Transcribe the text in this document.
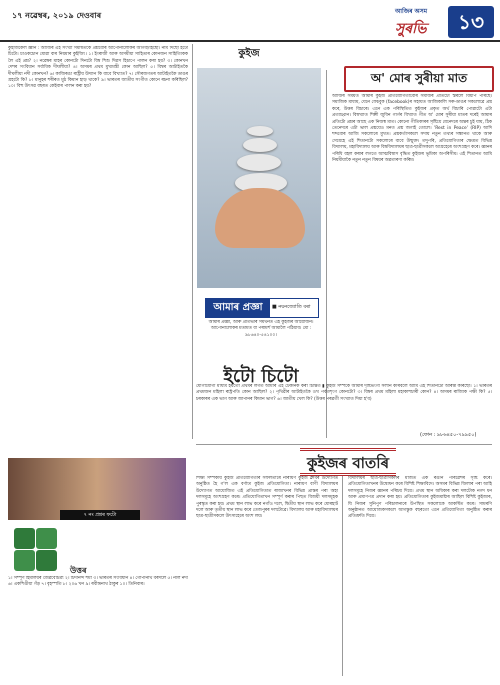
১৭ নৱেম্বৰ, ২০১৯ দেওবাৰ
কুইজ
আজিৰ অসম
সুৰভি	১৩
কুইজিকেল জ্ঞান : আজিৰ এই সংখ্যা সমন্বিতকৈ প্ৰশ্নবোৰ আপোনালোকৰ আগবঢ়াইছো। নাম দিছো ইটো চিটো। চাওকচোন যোৱা বাৰ নিয়মাৰ কুইজিং। ১। ইংৰাজী আৰু অসমীয়া সাহিত্যৰ কোনজন সাহিত্যিকক লৈ এই প্ৰশ্ন? ২। নৱেম্বৰ মাহৰ কোনটো দিনটো বিশ্ব শিশু দিৱস হিচাপে পালন কৰা হয়? ৩। কোনখন দেশৰ সংবিধান সৰ্বাধিক দীঘলীয়া? ৪। অসমৰ প্ৰথম মুখ্যমন্ত্ৰী কোন আছিল? ৫। বিশ্বৰ আটাইতকৈ দীঘলীয়া নদী কোনখন? ৬। কাজিৰঙা ৰাষ্ট্ৰীয় উদ্যান কি বাবে বিখ্যাত? ৭। সৌৰজগতৰ আটাইতকৈ ডাঙৰ গ্ৰহটো কি? ৮। মানুহৰ শৰীৰত মুঠ কিমান হাড় থাকে? ৯। ভাৰতৰ জাতীয় সংগীত কোনে ৰচনা কৰিছিল? ১০। বিহু উৎসৱ বছৰত কেইবাৰ পালন কৰা হয়?
৭ নং প্ৰশ্নৰ ফটো
উত্তৰ
১। সম্পূৰ্ণ হিমালয়ৰ জৈৱবৈচিত্ৰ্য ২। চিদানন্দ শৰ্মা ৩। ভাৰতৰ সংবিধান ৪। গোপীনাথ বৰদলৈ ৫। নীল নদী ৬। একশিঙীয়া গঁড় ৭। বৃহস্পতি ৮। ২০৬ খন ৯। ৰবীন্দ্ৰনাথ ঠাকুৰ ১০। তিনিবাৰ।
আমাৰ প্ৰজ্ঞা	■ নয়নজ্যোতি বৰা
আমাৰ প্ৰজ্ঞা, আৰু প্ৰতিভাৰ সমৰ্থনত এই কুইজৰ আয়োজন। আপোনালোকৰ মতামত বা পৰামৰ্শ আমালৈ পঠিয়াব। মো : ৯৮৬৪০-৫৪১০০।
ইটো চিটো
যোগাযোগী মাধ্যম হয়তো প্ৰথমৰ লগত আমাৰ এই টেকনিক কৰা চিন্তিত ▮ কুইজ সম্পৰ্কে আমাৰ দৃষ্টিভংগী সলনি কৰিবলৈ আমি এই শিতানটো আৰম্ভ কৰিছো। ১। ভাৰতৰ প্ৰথমজন মহিলা ৰাষ্ট্ৰপতি কোন আছিল? ২। পৃথিৱীৰ আটাইতকৈ ওখ পৰ্বতশৃংগ কোনটো? ৩। বিশ্বৰ প্ৰথম মহিলা মহাকাশচাৰী কোন? ৪। অসমৰ ৰাজ্যিক পক্ষী কি? ৫। চৰকাৰৰ এক ভাগ আৰু জাপানৰ কিমান ভাগ? ৬। জাতীয় খেল কি? (উত্তৰ পৰৱৰ্তী সংখ্যাত দিয়া হ'ব)
অ' মোৰ সুৰীয়া মাত
আজিৰ সময়ত আমাৰ কুইজ প্ৰতিযোগিতাবোৰ সমাজৰ প্ৰতিটো স্তৰলৈ বিয়পি পৰিছে। সমাজিক মাধ্যম, যেনে ফেচবুক (facebook)ৰ সহায়ত আজিকালি সৰু-ডাঙৰ সকলোৱে প্ৰশ্ন কৰে, উত্তৰ বিচাৰে। এনে এক পৰিস্থিতিত কুইজৰ প্ৰকৃত অৰ্থ বিচাৰি পোৱাটো এটা প্ৰত্যাহ্বান। বিশ্বখ্যাত শিল্পী জুবিন গাৰ্গৰ বিখ্যাত গীত অ' মোৰ সুৰীয়া মাতৰ দৰেই আমাৰ প্ৰতিটো প্ৰশ্নৰ আছে এক নিজস্ব মাত। কোনো গীতিকাৰৰ সৃষ্টিয়ে যেনেদৰে অন্তৰ চুই যায়, ঠিক তেনেদৰে এটা ভাল প্ৰশ্নয়েও মনত প্ৰশ্ন জগাই তোলে। 'Rest in Peace' (RIP) আদি শব্দবোৰ আজি সকলোৰে মুখত। প্ৰশ্নকৰ্তাসকলে সদায় নতুন তথ্যৰ সন্ধানত থাকে আৰু সেয়েহে এই শিতানটো সকলোৰে বাবে উন্মুক্ত। তদুপৰি, প্ৰতিযোগিতাৰ ক্ষেত্ৰত বিভিন্ন বিদ্যালয়, মহাবিদ্যালয় আৰু বিশ্ববিদ্যালয়ৰ ছাত্ৰ-ছাত্ৰীসকলে আগ্ৰহেৰে অংশগ্ৰহণ কৰে। জ্ঞানৰ পৰিধি বহল কৰাৰ লগতে আত্মবিশ্বাস বৃদ্ধিত কুইজৰ ভূমিকা অপৰিসীম। এই শিতানত আমি নিয়মীয়াকৈ নতুন নতুন বিষয়ৰ অৱতাৰণা কৰিম।
(ফোন : ৯৮৬৪৫০-৭৯৯৫০)
কুইজৰ বাতৰি
শিক্ষা সম্পৰ্কীয় কুইজ প্ৰতিযোগিতাৰ সফলতাৰে নাৰায়ণ কুইজ ক্লাবৰ উদ্যোগত অনুষ্ঠিত হৈ গ'ল এক বৰ্ণাঢ্য কুইজ প্ৰতিযোগিতা। নাৰায়ণ বাণী বিদ্যালয়ৰ উদ্যোগত আয়োজিত এই প্ৰতিযোগিতাত ৰাজ্যখনৰ বিভিন্ন প্ৰান্তৰ পৰা অহা দলসমূহে অংশগ্ৰহণ কৰে। প্ৰতিযোগিতাখন সম্পূৰ্ণ কৰাৰ পিছত বিজয়ী দলসমূহক পুৰস্কৃত কৰা হয়। প্ৰথম স্থান লাভ কৰে নগাঁও দলে, দ্বিতীয় স্থান লাভ কৰে যোৰহাট দলে আৰু তৃতীয় স্থান লাভ কৰে তেজপুৰৰ দলটোৱে। বিদ্যালয় আৰু মহাবিদ্যালয়ৰ ছাত্ৰ-ছাত্ৰীসকলে উৎসাহেৰে অংশ লয়।
বিদ্যালয়ৰ ছাত্ৰ-ছাত্ৰীসকলৰ মাজত এক ৰঙীন পৰিৱেশৰ সৃষ্টি কৰে। প্ৰতিযোগিতাখনৰ উদ্বোধন কৰে বিশিষ্ট শিক্ষাবিদে। অসমৰ বিভিন্ন জিলাৰ পৰা আহি দলসমূহে নিজৰ জ্ঞানৰ পৰিচয় দিয়ে। প্ৰথম স্থান অধিকাৰ কৰা দলটোক নগদ ধন আৰু প্ৰমাণপত্ৰ প্ৰদান কৰা হয়। প্ৰতিযোগিতাৰ কুইজমাষ্টাৰ আছিল বিশিষ্ট কুইজাৰ, যি নিজৰ সুনিপুণ পৰিচালনাৰে উপস্থিত সকলোকে আকৰ্ষিত কৰে। সামৰণি অনুষ্ঠানত আয়োজকসকলে আগন্তুক বছৰতো এনে প্ৰতিযোগিতা অনুষ্ঠিত কৰাৰ প্ৰতিশ্ৰুতি দিয়ে।
